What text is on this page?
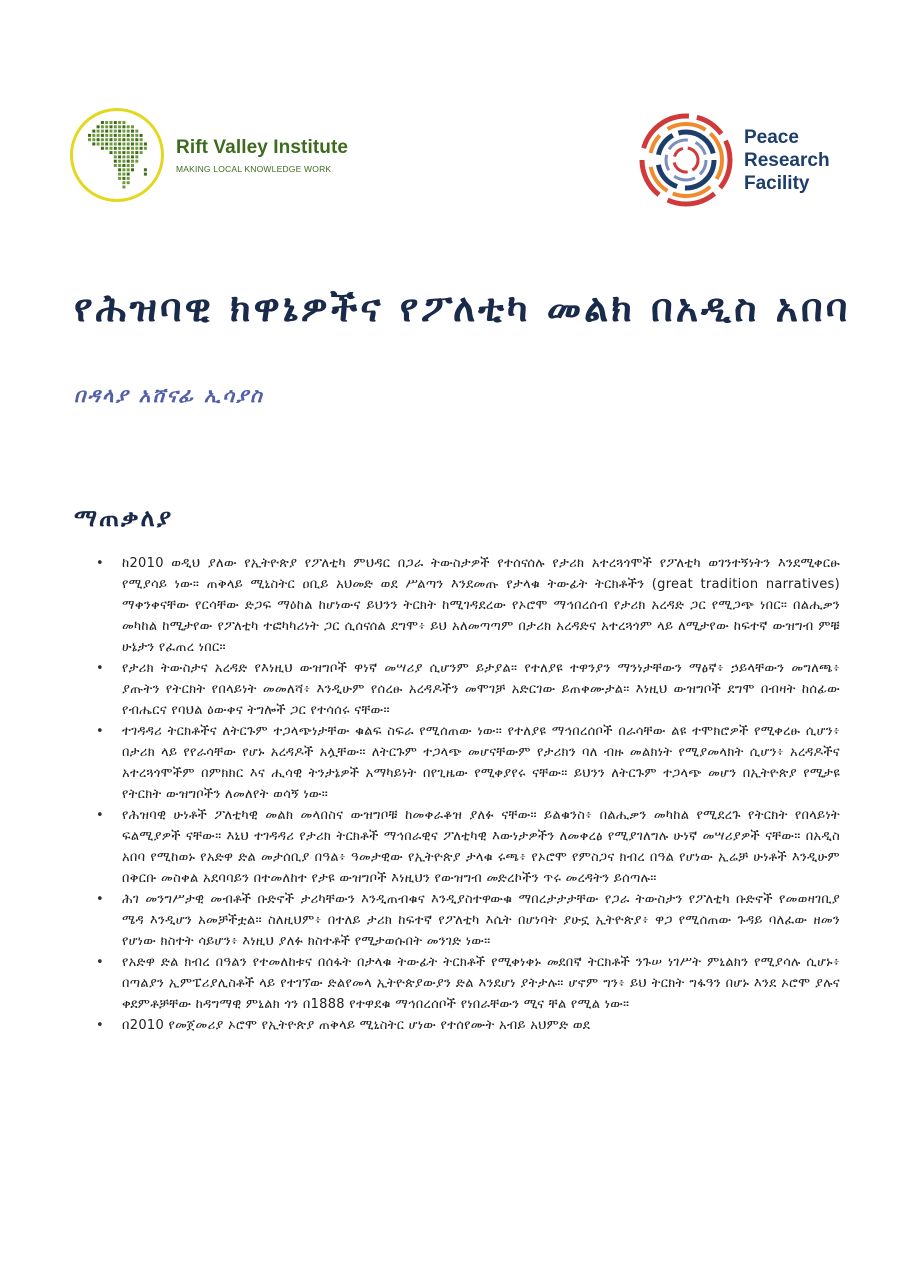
Rift Valley Institute
MAKING LOCAL KNOWLEDGE WORK
Peace
Research
Facility
የሕዝባዊ ክዋኔዎችና የፖለቲካ መልክ በአዲስ አበባ
በዳላያ አሸናፊ ኢሳያስ
ማጠቃለያ
• ከ2010 ወዲህ ያለው የኢትዮጵያ የፖለቲካ ምህዳር በጋራ ትውስታዎች የተሰናሰሉ የታሪክ አተረጓጎሞች የፖለቲካ ወገንተኝነትን እንደሚቀርፁ የሚያሳይ ነው። ጠቅላይ ሚኒስትር ዐቢይ አህመድ ወደ ሥልጣን እንደመጡ የታላቁ ትውፊት ትርክቶችን (great tradition narratives) ማቀንቀናቸው የርሳቸው ድጋፍ ማዕከል ከሆነውና ይህንን ትርክት ከሚገዳደረው የኦሮሞ ማኅበረሰብ የታሪክ አረዳድ ጋር የሚጋጭ ነበር። በልሒቃን መካከል ከሚታየው የፖለቲካ ተፎካካሪነት ጋር ሲሰናሰል ደግሞ፥ ይህ አለመጣጣም በታሪክ አረዳድና አተረጓጎም ላይ ለሚታየው ከፍተኛ ውዝግብ ምቹ ሁኔታን የፈጠረ ነበር።
• የታሪክ ትውስታና አረዳድ የእነዚህ ውዝግቦች ዋነኛ መሣሪያ ሲሆንም ይታያል። የተለያዩ ተዋንያን ማንነታቸውን ማፅኛ፥ ኃይላቸውን መግለጫ፥ ያጡትን የትርክት የበላይነት መመለሻ፥ እንዲሁም የሰረፁ አረዳዶችን መሞገቻ አድርገው ይጠቀሙታል። እነዚህ ውዝግቦች ደግሞ በብዛት ከሰፊው የብሔርና የባህል ዕውቀና ትግሎች ጋር የተሳሰሩ ናቸው።
• ተገዳዳሪ ትርክቶችና ለትርጉም ተጋላጭነታቸው ቁልፍ ስፍራ የሚሰጠው ነው። የተለያዩ ማኅበረሰቦች በራሳቸው ልዩ ተሞክሮዎች የሚቀረፁ ሲሆን፥ በታሪክ ላይ የየራሳቸው የሆኑ አረዳዶች አሏቸው። ለትርጉም ተጋላጭ መሆናቸውም የታሪክን ባለ ብዙ መልክነት የሚያመላክት ሲሆን፥ አረዳዶችና አተረጓጎሞችም በምክክር እና ሒሳዊ ትንታኔዎች አማካይነት በየጊዜው የሚቀያየሩ ናቸው። ይህንን ለትርጉም ተጋላጭ መሆን በኢትዮጵያ የሚታዩ የትርክት ውዝግቦችን ለመለየት ወሳኝ ነው።
• የሕዝባዊ ሁነቶች ፖለቲካዊ መልክ መላበስና ውዝግቦቹ ከመቀራቆዝ ያለፉ ናቸው። ይልቁንስ፥ በልሒቃን መካከል የሚደረጉ የትርክት የበላይነት ፍልሚያዎች ናቸው። እኒህ ተገዳዳሪ የታሪክ ትርክቶች ማኅበራዊና ፖለቲካዊ እውነታዎችን ለመቀረፅ የሚያገለግሉ ሁነኛ መሣሪያዎች ናቸው። በአዲስ አበባ የሚከወኑ የአድዋ ድል መታሰቢያ በዓል፥ ዓመታዊው የኢትዮጵያ ታላቁ ሩጫ፥ የኦሮሞ የምስጋና ክብረ በዓል የሆነው ኢሬቻ ሁነቶች እንዲሁም በቅርቡ መስቀል አደባባይን በተመለከተ የታዩ ውዝግቦች እነዚህን የውዝግብ መድረኮችን ጥሩ መረዳትን ይሰጣሉ።
• ሕገ መንግሥታዊ መብቶች ቡድኖች ታሪካቸውን እንዲጠብቁና እንዲያስተዋውቁ ማበረታታታቸው የጋራ ትውስታን የፖለቲካ ቡድኖች የመወዛገቢያ ሜዳ እንዲሆን አመቻችቷል። ስለዚህም፥ በተለይ ታሪክ ከፍተኛ የፖለቲካ እሴት በሆነባት ያሁኗ ኢትዮጵያ፥ ዋጋ የሚሰጠው ጉዳይ ባለፈው ዘመን የሆነው ክስተት ሳይሆን፥ እነዚህ ያለፉ ክስተቶች የሚታወሱበት መንገድ ነው።
• የአድዋ ድል ክብረ በዓልን የተመለከቱና በሰፋት በታላቁ ትውፊት ትርክቶች የሚቀነቀኑ መደበኛ ትርክቶች ንጉሠ ነገሥት ምኒልክን የሚያሳሉ ሲሆኑ፥ በጣልያን ኢምፔሪያሊስቶች ላይ የተገኘው ድልየመላ ኢትዮጵያውያን ድል እንደሆነ ያትታሉ። ሆኖም ግን፥ ይህ ትርክት ግፋዓን በሆኑ እንደ ኦሮሞ ያሉና ቀደምቶቻቸው ከዳግማዊ ምኒልክ ጎን በ1888 የተዋደቁ ማኅበረሰቦች የነበራቸውን ሚና ቸል የሚል ነው።
• በ2010 የመጀመሪያ ኦሮሞ የኢትዮጵያ ጠቅላይ ሚኒስትር ሆነው የተሰየሙት አብይ አህምድ ወደ
